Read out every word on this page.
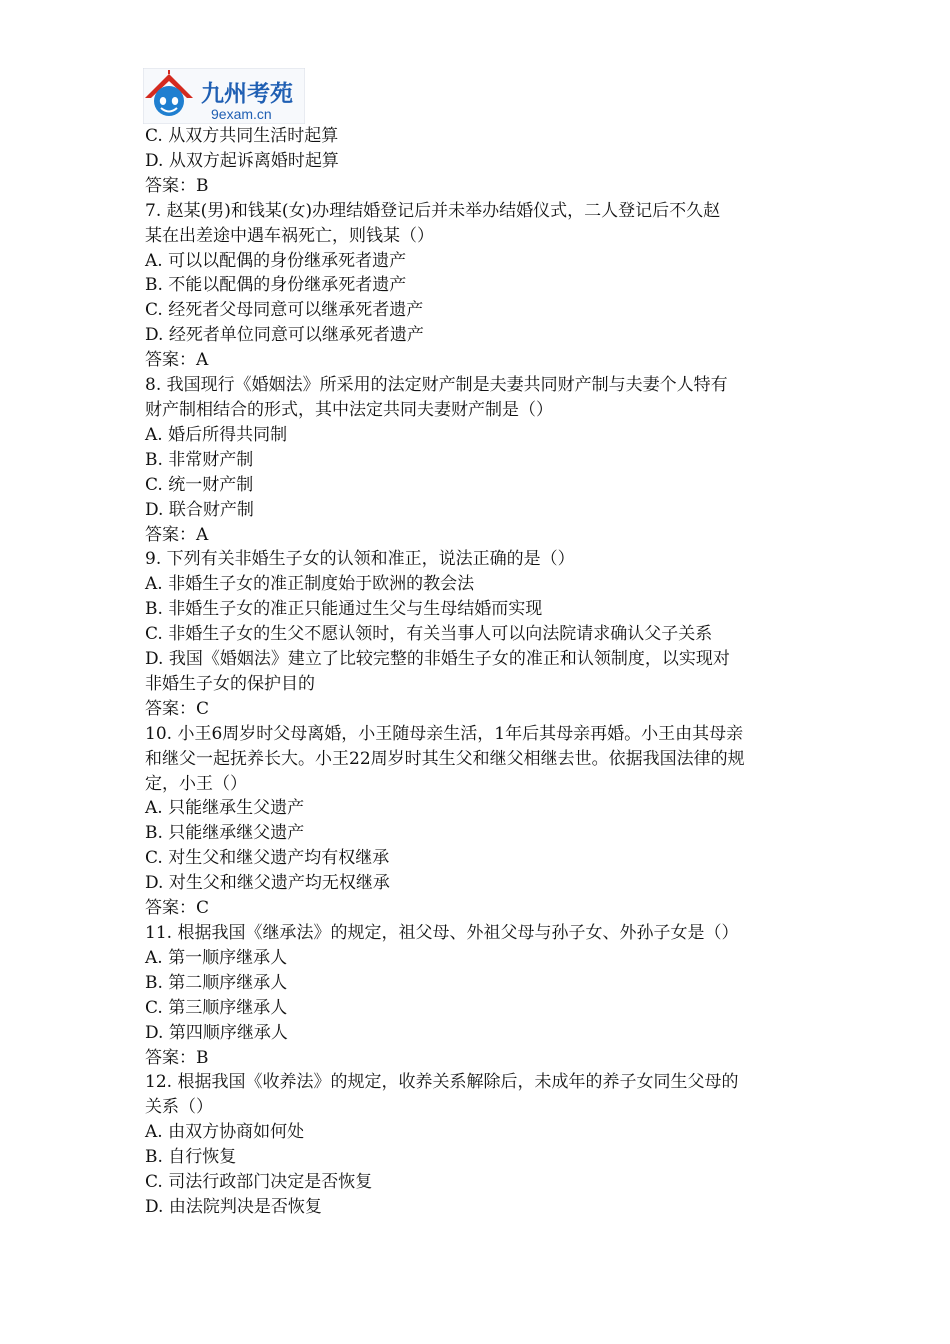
九州考苑
9exam.cn
C. 从双方共同生活时起算
D. 从双方起诉离婚时起算
答案：B
7. 赵某(男)和钱某(女)办理结婚登记后并未举办结婚仪式，二人登记后不久赵
某在出差途中遇车祸死亡，则钱某（）
A. 可以以配偶的身份继承死者遗产
B. 不能以配偶的身份继承死者遗产
C. 经死者父母同意可以继承死者遗产
D. 经死者单位同意可以继承死者遗产
答案：A
8. 我国现行《婚姻法》所采用的法定财产制是夫妻共同财产制与夫妻个人特有
财产制相结合的形式，其中法定共同夫妻财产制是（）
A. 婚后所得共同制
B. 非常财产制
C. 统一财产制
D. 联合财产制
答案：A
9. 下列有关非婚生子女的认领和准正，说法正确的是（）
A. 非婚生子女的准正制度始于欧洲的教会法
B. 非婚生子女的准正只能通过生父与生母结婚而实现
C. 非婚生子女的生父不愿认领时，有关当事人可以向法院请求确认父子关系
D. 我国《婚姻法》建立了比较完整的非婚生子女的准正和认领制度，以实现对
非婚生子女的保护目的
答案：C
10. 小王6周岁时父母离婚，小王随母亲生活，1年后其母亲再婚。小王由其母亲
和继父一起抚养长大。小王22周岁时其生父和继父相继去世。依据我国法律的规
定，小王（）
A. 只能继承生父遗产
B. 只能继承继父遗产
C. 对生父和继父遗产均有权继承
D. 对生父和继父遗产均无权继承
答案：C
11. 根据我国《继承法》的规定，祖父母、外祖父母与孙子女、外孙子女是（）
A. 第一顺序继承人
B. 第二顺序继承人
C. 第三顺序继承人
D. 第四顺序继承人
答案：B
12. 根据我国《收养法》的规定，收养关系解除后，未成年的养子女同生父母的
关系（）
A. 由双方协商如何处
B. 自行恢复
C. 司法行政部门决定是否恢复
D. 由法院判决是否恢复
